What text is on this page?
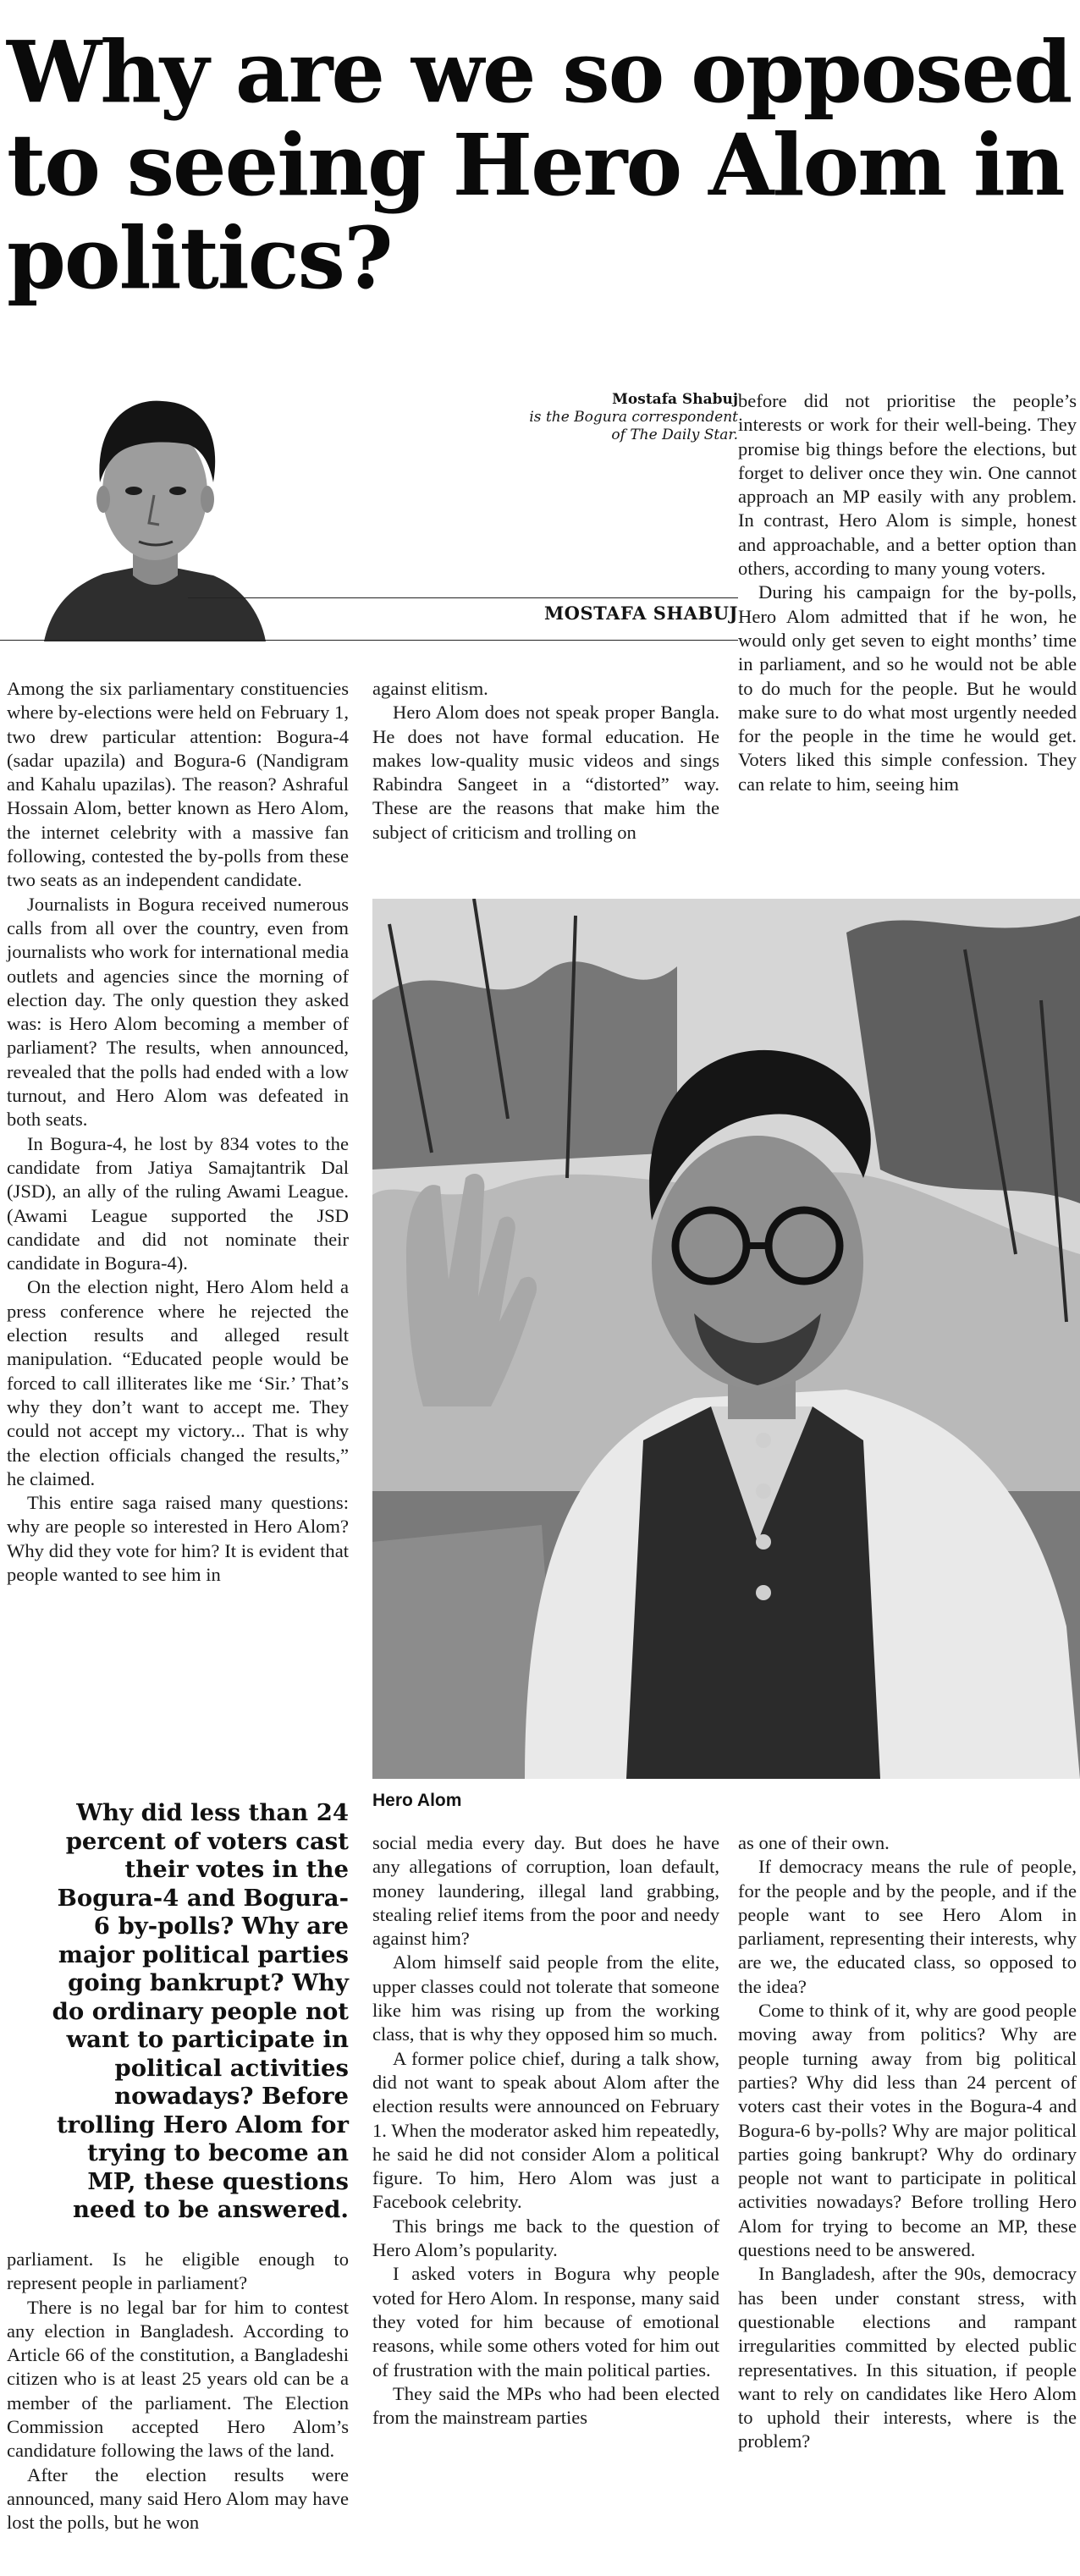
Why are we so opposed to seeing Hero Alom in politics?
Mostafa Shabuj
is the Bogura correspondent
of The Daily Star.
MOSTAFA SHABUJ

Among the six parliamentary constituencies where by-elections were held on February 1, two drew particular attention: Bogura-4 (sadar upazila) and Bogura-6 (Nandigram and Kahalu upazilas). The reason? Ashraful Hossain Alom, better known as Hero Alom, the internet celebrity with a massive fan following, contested the by-polls from these two seats as an independent candidate.

Journalists in Bogura received numerous calls from all over the country, even from journalists who work for international media outlets and agencies since the morning of election day. The only question they asked was: is Hero Alom becoming a member of parliament? The results, when announced, revealed that the polls had ended with a low turnout, and Hero Alom was defeated in both seats.

In Bogura-4, he lost by 834 votes to the candidate from Jatiya Samajtantrik Dal (JSD), an ally of the ruling Awami League. (Awami League supported the JSD candidate and did not nominate their candidate in Bogura-4).

On the election night, Hero Alom held a press conference where he rejected the election results and alleged result manipulation. “Educated people would be forced to call illiterates like me ‘Sir.’ That’s why they don’t want to accept me. They could not accept my victory... That is why the election officials changed the results,” he claimed.

This entire saga raised many questions: why are people so interested in Hero Alom? Why did they vote for him? It is evident that people wanted to see him in

against elitism.

Hero Alom does not speak proper Bangla. He does not have formal education. He makes low-quality music videos and sings Rabindra Sangeet in a “distorted” way. These are the reasons that make him the subject of criticism and trolling on

before did not prioritise the people’s interests or work for their well-being. They promise big things before the elections, but forget to deliver once they win. One cannot approach an MP easily with any problem. In contrast, Hero Alom is simple, honest and approachable, and a better option than others, according to many young voters.

During his campaign for the by-polls, Hero Alom admitted that if he won, he would only get seven to eight months’ time in parliament, and so he would not be able to do much for the people. But he would make sure to do what most urgently needed for the people in the time he would get. Voters liked this simple confession. They can relate to him, seeing him

Hero Alom
Why did less than 24 percent of voters cast their votes in the Bogura-4 and Bogura-6 by-polls? Why are major political parties going bankrupt? Why do ordinary people not want to participate in political activities nowadays? Before trolling Hero Alom for trying to become an MP, these questions need to be answered.

parliament. Is he eligible enough to represent people in parliament?

There is no legal bar for him to contest any election in Bangladesh. According to Article 66 of the constitution, a Bangladeshi citizen who is at least 25 years old can be a member of the parliament. The Election Commission accepted Hero Alom’s candidature following the laws of the land.

After the election results were announced, many said Hero Alom may have lost the polls, but he won

social media every day. But does he have any allegations of corruption, loan default, money laundering, illegal land grabbing, stealing relief items from the poor and needy against him?

Alom himself said people from the elite, upper classes could not tolerate that someone like him was rising up from the working class, that is why they opposed him so much.

A former police chief, during a talk show, did not want to speak about Alom after the election results were announced on February 1. When the moderator asked him repeatedly, he said he did not consider Alom a political figure. To him, Hero Alom was just a Facebook celebrity.

This brings me back to the question of Hero Alom’s popularity.

I asked voters in Bogura why people voted for Hero Alom. In response, many said they voted for him because of emotional reasons, while some others voted for him out of frustration with the main political parties.

They said the MPs who had been elected from the mainstream parties

as one of their own.

If democracy means the rule of people, for the people and by the people, and if the people want to see Hero Alom in parliament, representing their interests, why are we, the educated class, so opposed to the idea?

Come to think of it, why are good people moving away from politics? Why are people turning away from big political parties? Why did less than 24 percent of voters cast their votes in the Bogura-4 and Bogura-6 by-polls? Why are major political parties going bankrupt? Why do ordinary people not want to participate in political activities nowadays? Before trolling Hero Alom for trying to become an MP, these questions need to be answered.

In Bangladesh, after the 90s, democracy has been under constant stress, with questionable elections and rampant irregularities committed by elected public representatives. In this situation, if people want to rely on candidates like Hero Alom to uphold their interests, where is the problem?
